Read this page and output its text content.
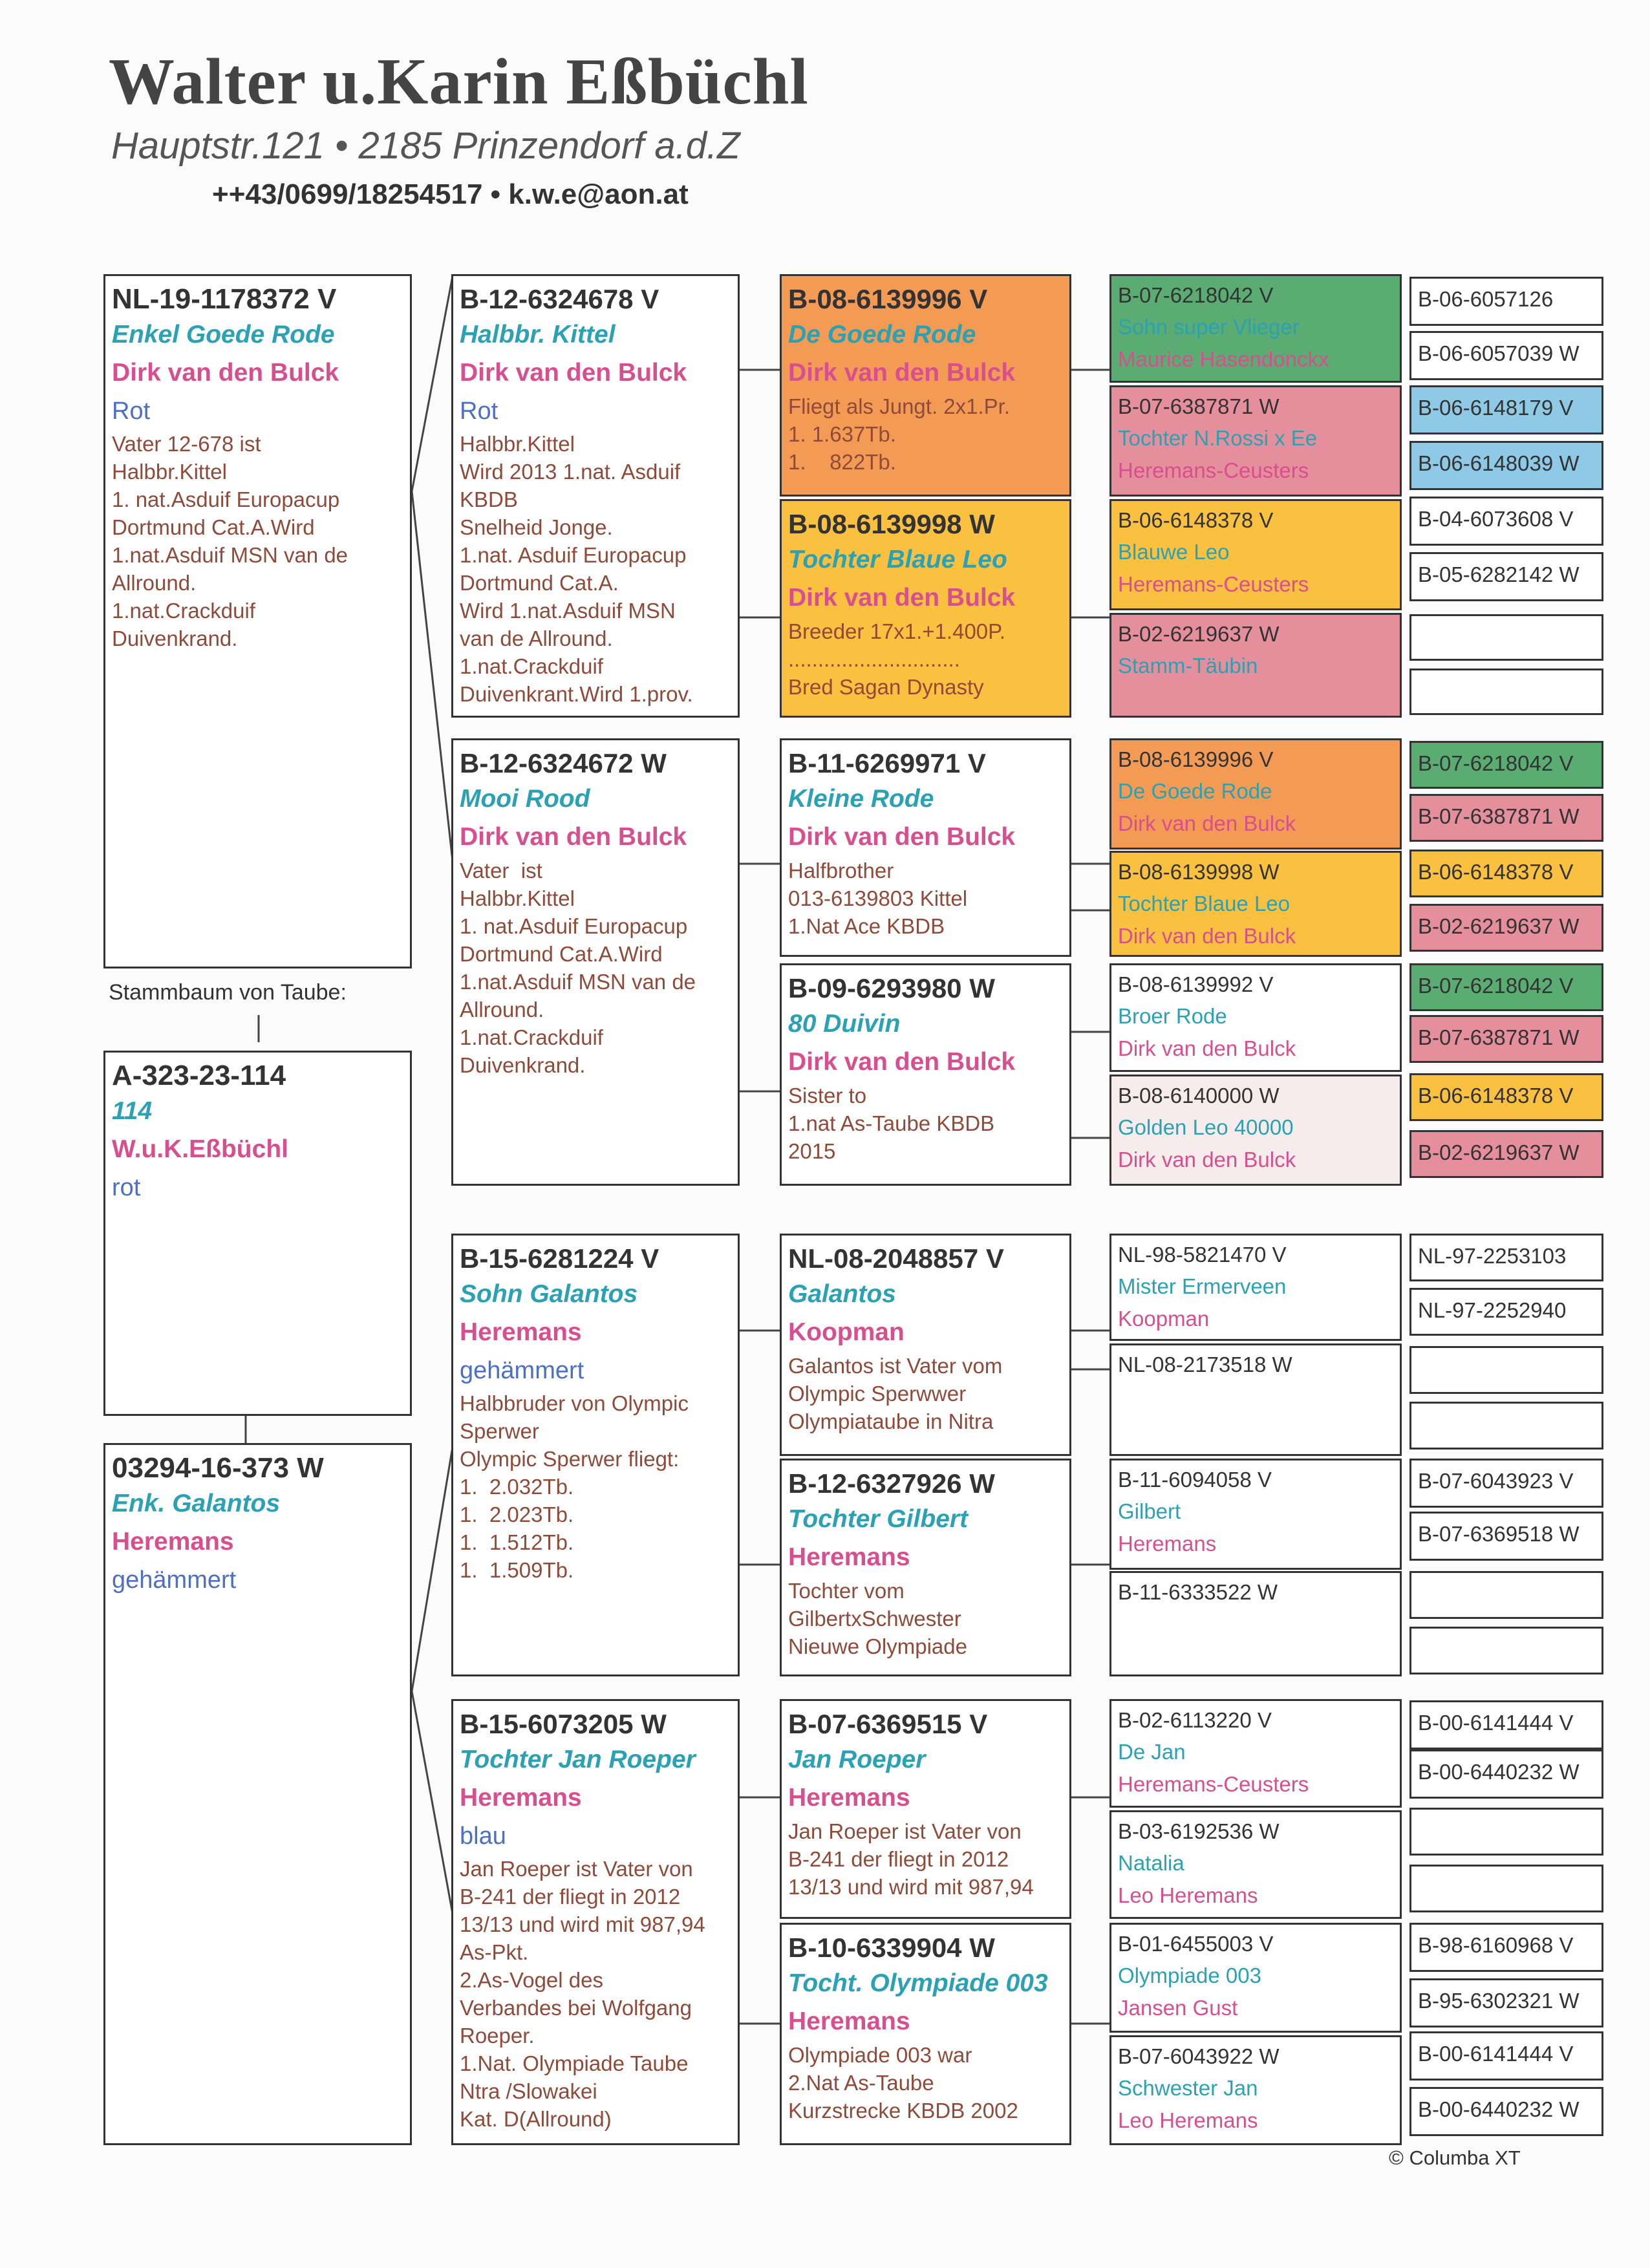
Walter u.Karin Eßbüchl
Hauptstr.121 • 2185 Prinzendorf a.d.Z
++43/0699/18254517 • k.w.e@aon.at
NL-19-1178372 V
Enkel Goede Rode
Dirk van den Bulck
Rot
Vater 12-678 ist
Halbbr.Kittel
1. nat.Asduif Europacup
Dortmund Cat.A.Wird
1.nat.Asduif MSN van de
Allround.
1.nat.Crackduif
Duivenkrand.
Stammbaum von Taube:
A-323-23-114
114
W.u.K.Eßbüchl
rot
03294-16-373 W
Enk. Galantos
Heremans
gehämmert
B-12-6324678 V
Halbbr. Kittel
Dirk van den Bulck
Rot
Halbbr.Kittel
Wird 2013 1.nat. Asduif
KBDB
Snelheid Jonge.
1.nat. Asduif Europacup
Dortmund Cat.A.
Wird 1.nat.Asduif MSN
van de Allround.
1.nat.Crackduif
Duivenkrant.Wird 1.prov.
B-12-6324672 W
Mooi Rood
Dirk van den Bulck
Vater  ist
Halbbr.Kittel
1. nat.Asduif Europacup
Dortmund Cat.A.Wird
1.nat.Asduif MSN van de
Allround.
1.nat.Crackduif
Duivenkrand.
B-15-6281224 V
Sohn Galantos
Heremans
gehämmert
Halbbruder von Olympic
Sperwer
Olympic Sperwer fliegt:
1.  2.032Tb.
1.  2.023Tb.
1.  1.512Tb.
1.  1.509Tb.
B-15-6073205 W
Tochter Jan Roeper
Heremans
blau
Jan Roeper ist Vater von
B-241 der fliegt in 2012
13/13 und wird mit 987,94
As-Pkt.
2.As-Vogel des
Verbandes bei Wolfgang
Roeper.
1.Nat. Olympiade Taube
Ntra /Slowakei
Kat. D(Allround)
B-08-6139996 V
De Goede Rode
Dirk van den Bulck
Fliegt als Jungt. 2x1.Pr.
1. 1.637Tb.
1.    822Tb.
B-08-6139998 W
Tochter Blaue Leo
Dirk van den Bulck
Breeder 17x1.+1.400P.
.............................
Bred Sagan Dynasty
B-11-6269971 V
Kleine Rode
Dirk van den Bulck
Halfbrother
013-6139803 Kittel
1.Nat Ace KBDB
B-09-6293980 W
80 Duivin
Dirk van den Bulck
Sister to
1.nat As-Taube KBDB
2015
NL-08-2048857 V
Galantos
Koopman
Galantos ist Vater vom
Olympic Sperwwer
Olympiataube in Nitra
B-12-6327926 W
Tochter Gilbert
Heremans
Tochter vom
GilbertxSchwester
Nieuwe Olympiade
B-07-6369515 V
Jan Roeper
Heremans
Jan Roeper ist Vater von
B-241 der fliegt in 2012
13/13 und wird mit 987,94
B-10-6339904 W
Tocht. Olympiade 003
Heremans
Olympiade 003 war
2.Nat As-Taube
Kurzstrecke KBDB 2002
B-07-6218042 V
Sohn super Vlieger
Maurice Hasendonckx
B-07-6387871 W
Tochter N.Rossi x Ee
Heremans-Ceusters
B-06-6148378 V
Blauwe Leo
Heremans-Ceusters
B-02-6219637 W
Stamm-Täubin
B-08-6139996 V
De Goede Rode
Dirk van den Bulck
B-08-6139998 W
Tochter Blaue Leo
Dirk van den Bulck
B-08-6139992 V
Broer Rode
Dirk van den Bulck
B-08-6140000 W
Golden Leo 40000
Dirk van den Bulck
NL-98-5821470 V
Mister Ermerveen
Koopman
NL-08-2173518 W
B-11-6094058 V
Gilbert
Heremans
B-11-6333522 W
B-02-6113220 V
De Jan
Heremans-Ceusters
B-03-6192536 W
Natalia
Leo Heremans
B-01-6455003 V
Olympiade 003
Jansen Gust
B-07-6043922 W
Schwester Jan
Leo Heremans
B-06-6057126
B-06-6057039 W
B-06-6148179 V
B-06-6148039 W
B-04-6073608 V
B-05-6282142 W
B-07-6218042 V
B-07-6387871 W
B-06-6148378 V
B-02-6219637 W
B-07-6218042 V
B-07-6387871 W
B-06-6148378 V
B-02-6219637 W
NL-97-2253103
NL-97-2252940
B-07-6043923 V
B-07-6369518 W
B-00-6141444 V
B-00-6440232 W
B-98-6160968 V
B-95-6302321 W
B-00-6141444 V
B-00-6440232 W
© Columba XT
